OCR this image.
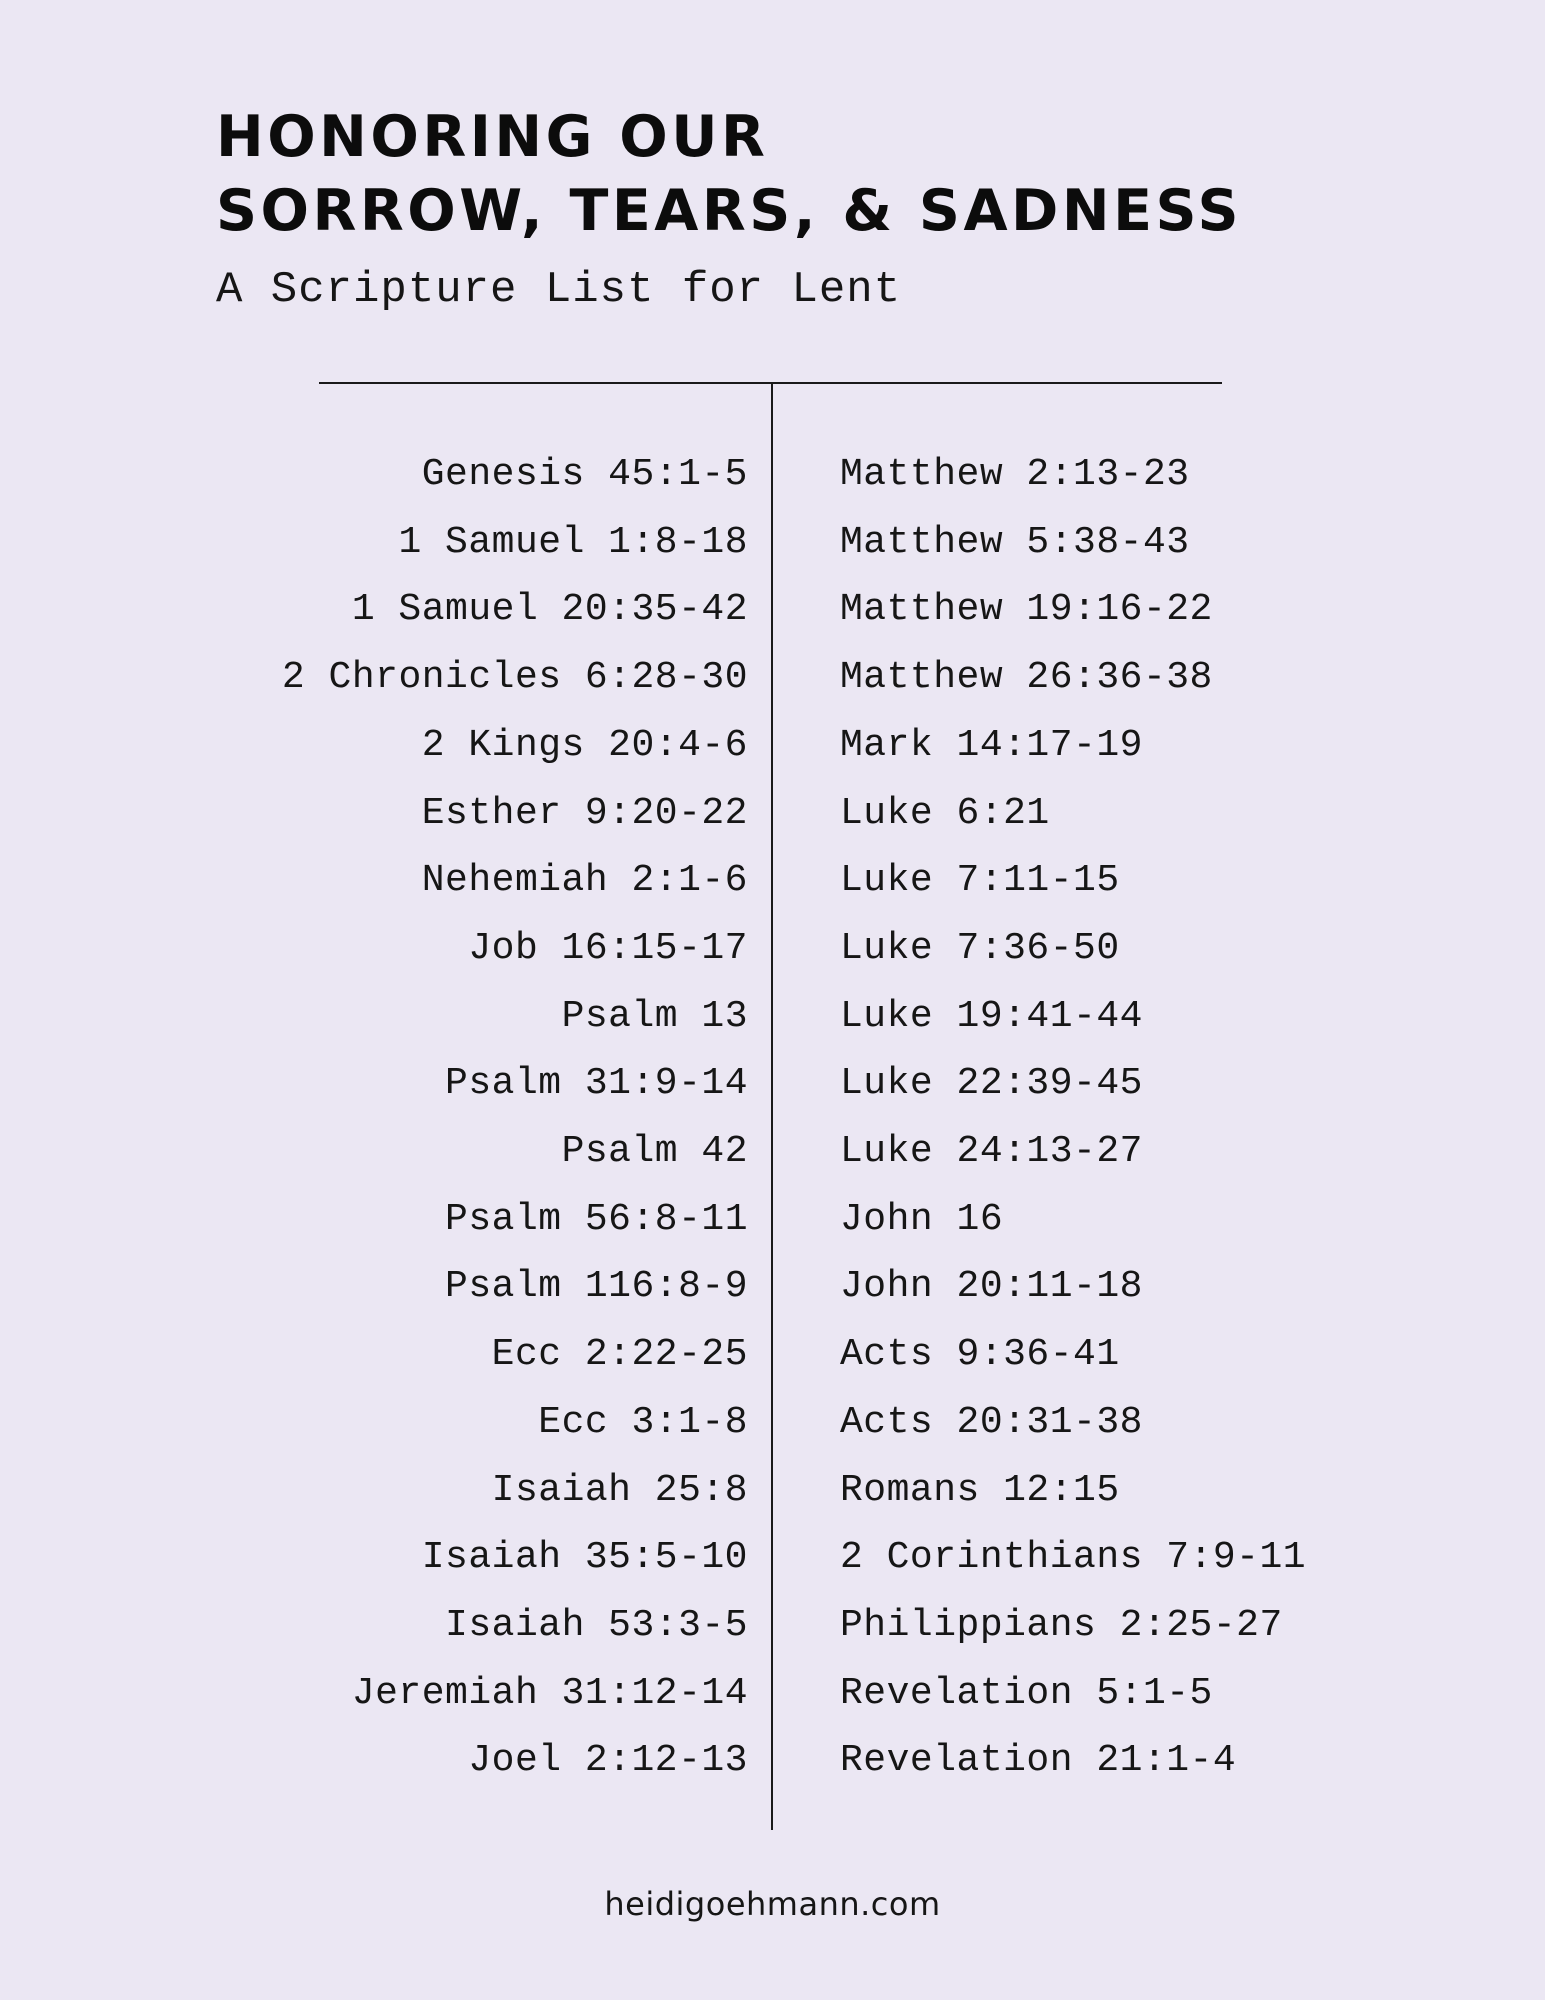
HONORING OUR
SORROW, TEARS, & SADNESS

A Scripture List for Lent

Genesis 45:1-5
1 Samuel 1:8-18
1 Samuel 20:35-42
2 Chronicles 6:28-30
2 Kings 20:4-6
Esther 9:20-22
Nehemiah 2:1-6
Job 16:15-17
Psalm 13
Psalm 31:9-14
Psalm 42
Psalm 56:8-11
Psalm 116:8-9
Ecc 2:22-25
Ecc 3:1-8
Isaiah 25:8
Isaiah 35:5-10
Isaiah 53:3-5
Jeremiah 31:12-14
Joel 2:12-13
Matthew 2:13-23
Matthew 5:38-43
Matthew 19:16-22
Matthew 26:36-38
Mark 14:17-19
Luke 6:21
Luke 7:11-15
Luke 7:36-50
Luke 19:41-44
Luke 22:39-45
Luke 24:13-27
John 16
John 20:11-18
Acts 9:36-41
Acts 20:31-38
Romans 12:15
2 Corinthians 7:9-11
Philippians 2:25-27
Revelation 5:1-5
Revelation 21:1-4

heidigoehmann.com
